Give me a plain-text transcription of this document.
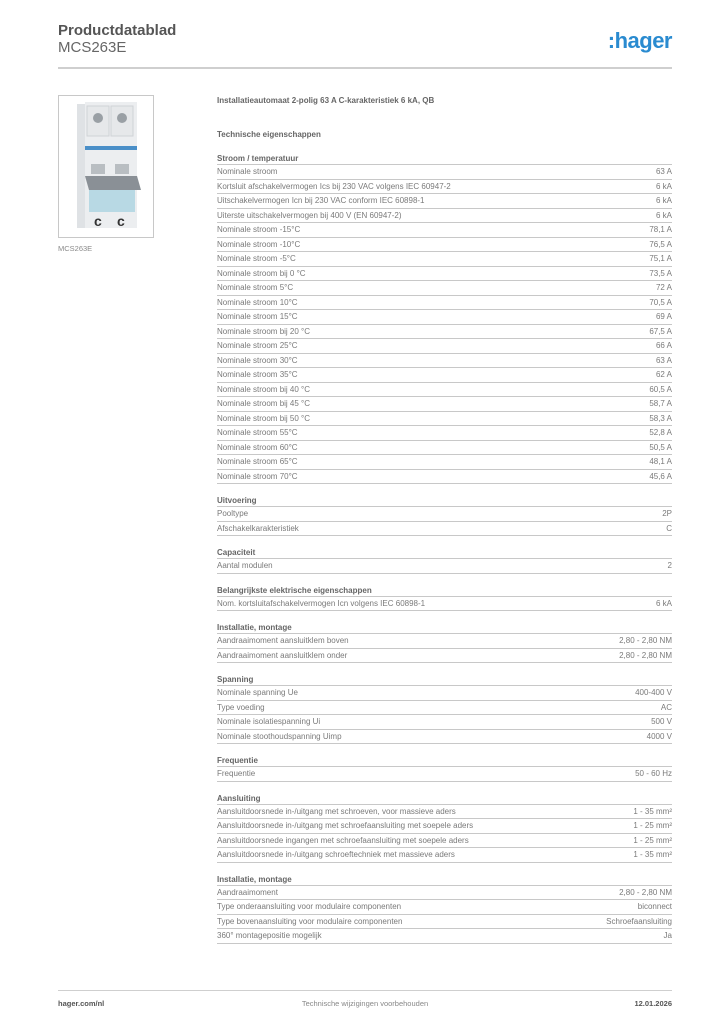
Productdatablad
MCS263E	:hager
c c
MCS263E
Installatieautomaat 2-polig 63 A C-karakteristiek 6 kA, QB
Technische eigenschappen
Stroom / temperatuur
Nominale stroom	63 A
Kortsluit afschakelvermogen Ics bij 230 VAC volgens IEC 60947-2	6 kA
Uitschakelvermogen Icn bij 230 VAC conform IEC 60898-1	6 kA
Uiterste uitschakelvermogen bij 400 V (EN 60947-2)	6 kA
Nominale stroom -15°C	78,1 A
Nominale stroom -10°C	76,5 A
Nominale stroom -5°C	75,1 A
Nominale stroom bij 0 °C	73,5 A
Nominale stroom 5°C	72 A
Nominale stroom 10°C	70,5 A
Nominale stroom 15°C	69 A
Nominale stroom bij 20 °C	67,5 A
Nominale stroom 25°C	66 A
Nominale stroom 30°C	63 A
Nominale stroom 35°C	62 A
Nominale stroom bij 40 °C	60,5 A
Nominale stroom bij 45 °C	58,7 A
Nominale stroom bij 50 °C	58,3 A
Nominale stroom 55°C	52,8 A
Nominale stroom 60°C	50,5 A
Nominale stroom 65°C	48,1 A
Nominale stroom 70°C	45,6 A
Uitvoering
Pooltype	2P
Afschakelkarakteristiek	C
Capaciteit
Aantal modulen	2
Belangrijkste elektrische eigenschappen
Nom. kortsluitafschakelvermogen Icn volgens IEC 60898-1	6 kA
Installatie, montage
Aandraaimoment aansluitklem boven	2,80 - 2,80 NM
Aandraaimoment aansluitklem onder	2,80 - 2,80 NM
Spanning
Nominale spanning Ue	400-400 V
Type voeding	AC
Nominale isolatiespanning Ui	500 V
Nominale stoothoudspanning Uimp	4000 V
Frequentie
Frequentie	50 - 60 Hz
Aansluiting
Aansluitdoorsnede in-/uitgang met schroeven, voor massieve aders	1 - 35 mm²
Aansluitdoorsnede in-/uitgang met schroefaansluiting met soepele aders	1 - 25 mm²
Aansluitdoorsnede ingangen met schroefaansluiting met soepele aders	1 - 25 mm²
Aansluitdoorsnede in-/uitgang schroeftechniek met massieve aders	1 - 35 mm²
Installatie, montage
Aandraaimoment	2,80 - 2,80 NM
Type onderaansluiting voor modulaire componenten	biconnect
Type bovenaansluiting voor modulaire componenten	Schroefaansluiting
360° montagepositie mogelijk	Ja
hager.com/nl	Technische wijzigingen voorbehouden	12.01.2026
